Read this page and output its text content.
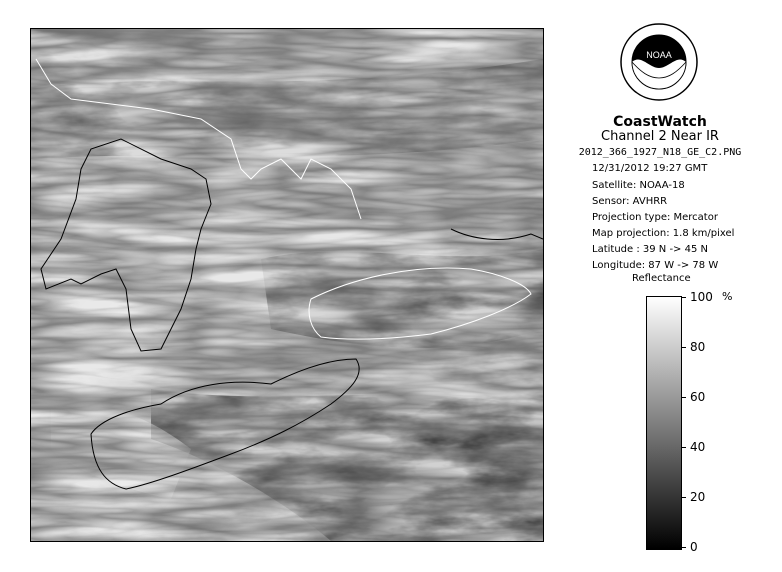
NOAA
CoastWatch
Channel 2 Near IR
2012_366_1927_N18_GE_C2.PNG
12/31/2012 19:27 GMT
Satellite: NOAA-18
Sensor: AVHRR
Projection type: Mercator
Map projection: 1.8 km/pixel
Latitude : 39 N -> 45 N
Longitude: 87 W -> 78 W
Reflectance
%
100
80
60
40
20
0
